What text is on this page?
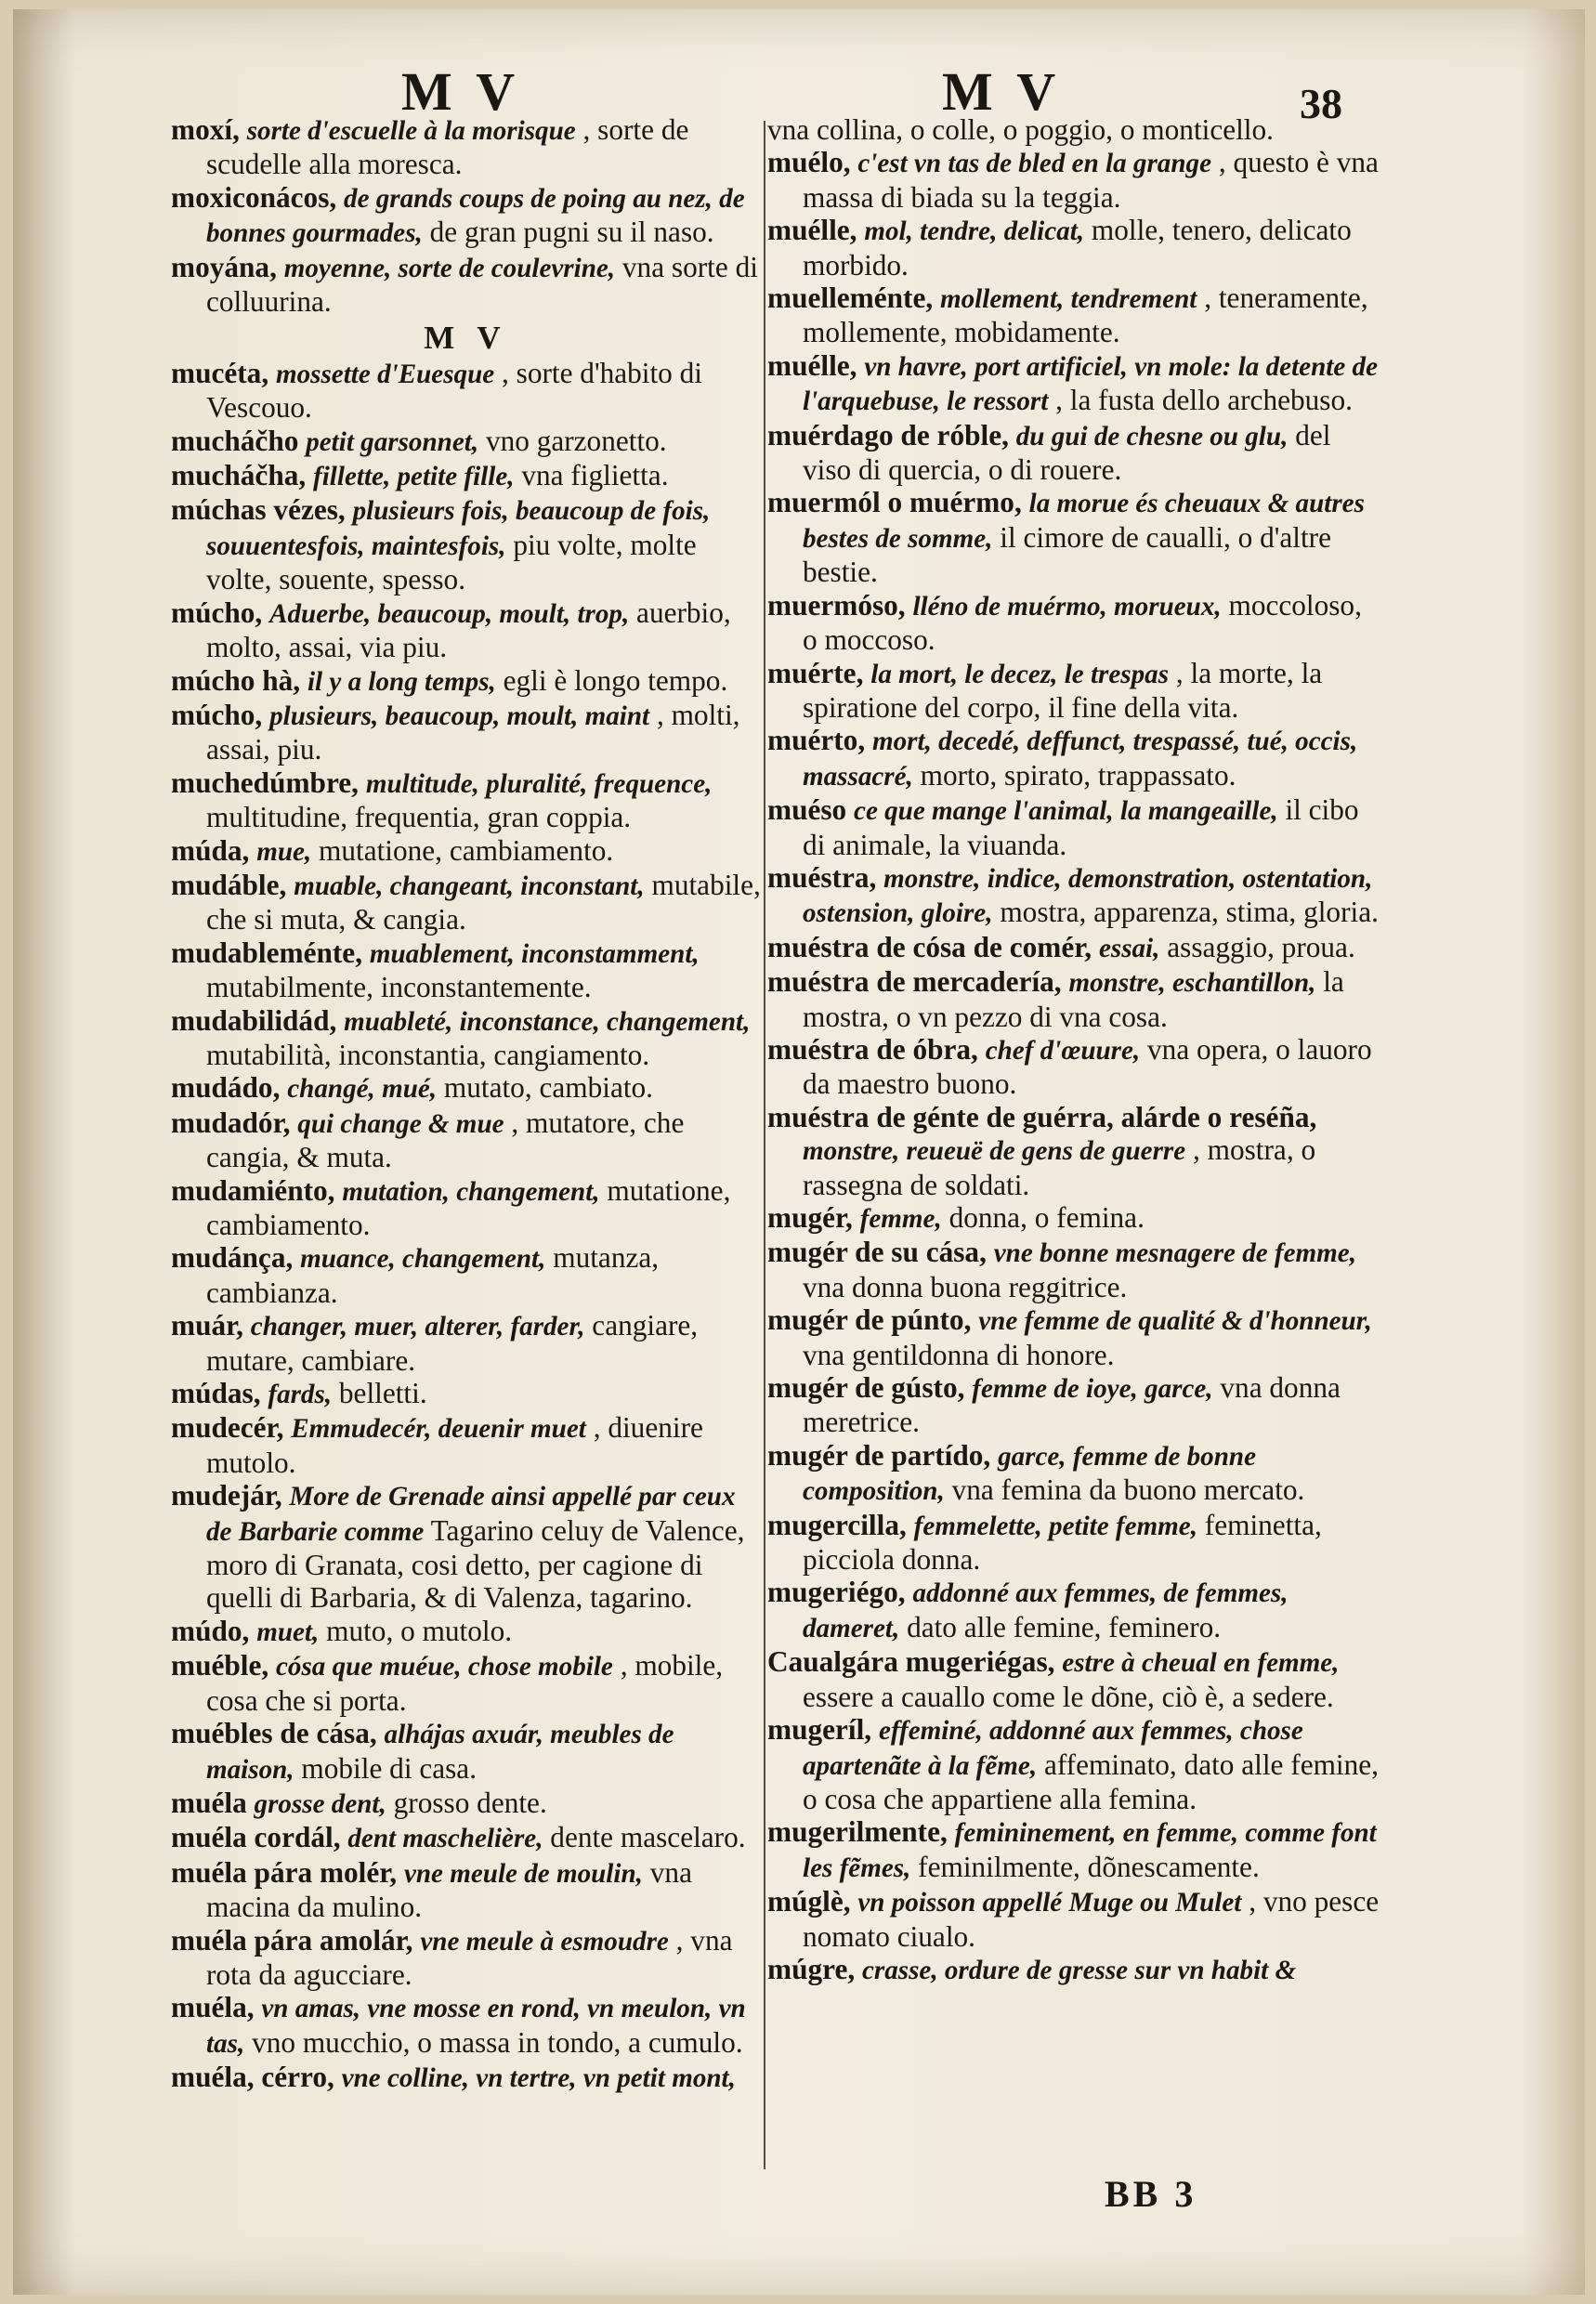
M V	M V	38

moxí, sorte d'escuelle à la morisque , sorte de scudelle alla moresca.

moxiconácos, de grands coups de poing au nez, de bonnes gourmades, de gran pugni su il naso.

moyána, moyenne, sorte de coulevrine, vna sorte di colluurina.

M V

mucéta, mossette d'Euesque , sorte d'habito di Vescouo.

mucháčho petit garsonnet, vno garzonetto.

mucháčha, fillette, petite fille, vna figlietta.

múchas vézes, plusieurs fois, beaucoup de fois, souuentesfois, maintesfois, piu volte, molte volte, souente, spesso.

múcho, Aduerbe, beaucoup, moult, trop, auerbio, molto, assai, via piu.

múcho hà, il y a long temps, egli è longo tempo.

múcho, plusieurs, beaucoup, moult, maint , molti, assai, piu.

muchedúmbre, multitude, pluralité, frequence, multitudine, frequentia, gran coppia.

múda, mue, mutatione, cambiamento.

mudáble, muable, changeant, inconstant, mutabile, che si muta, & cangia.

mudableménte, muablement, inconstamment, mutabilmente, inconstantemente.

mudabilidád, muableté, inconstance, changement, mutabilità, inconstantia, cangiamento.

mudádo, changé, mué, mutato, cambiato.

mudadór, qui change & mue , mutatore, che cangia, & muta.

mudamiénto, mutation, changement, mutatione, cambiamento.

mudánça, muance, changement, mutanza, cambianza.

muár, changer, muer, alterer, farder, cangiare, mutare, cambiare.

múdas, fards, belletti.

mudecér, Emmudecér, deuenir muet , diuenire mutolo.

mudejár, More de Grenade ainsi appellé par ceux de Barbarie comme Tagarino celuy de Valence, moro di Granata, cosi detto, per cagione di quelli di Barbaria, & di Valenza, tagarino.

múdo, muet, muto, o mutolo.

muéble, cósa que muéue, chose mobile , mobile, cosa che si porta.

muébles de cása, alhájas axuár, meubles de maison, mobile di casa.

muéla grosse dent, grosso dente.

muéla cordál, dent maschelière, dente mascelaro.

muéla pára molér, vne meule de moulin, vna macina da mulino.

muéla pára amolár, vne meule à esmoudre , vna rota da agucciare.

muéla, vn amas, vne mosse en rond, vn meulon, vn tas, vno mucchio, o massa in tondo, a cumulo.

muéla, cérro, vne colline, vn tertre, vn petit mont,

vna collina, o colle, o poggio, o monticello.

muélo, c'est vn tas de bled en la grange , questo è vna massa di biada su la teggia.

muélle, mol, tendre, delicat, molle, tenero, delicato morbido.

muelleménte, mollement, tendrement , teneramente, mollemente, mobidamente.

muélle, vn havre, port artificiel, vn mole: la detente de l'arquebuse, le ressort , la fusta dello archebuso.

muérdago de róble, du gui de chesne ou glu, del viso di quercia, o di rouere.

muermól o muérmo, la morue és cheuaux & autres bestes de somme, il cimore de caualli, o d'altre bestie.

muermóso, lléno de muérmo, morueux, moccoloso, o moccoso.

muérte, la mort, le decez, le trespas , la morte, la spiratione del corpo, il fine della vita.

muérto, mort, decedé, deffunct, trespassé, tué, occis, massacré, morto, spirato, trappassato.

muéso ce que mange l'animal, la mangeaille, il cibo di animale, la viuanda.

muéstra, monstre, indice, demonstration, ostentation, ostension, gloire, mostra, apparenza, stima, gloria.

muéstra de cósa de comér, essai, assaggio, proua.

muéstra de mercadería, monstre, eschantillon, la mostra, o vn pezzo di vna cosa.

muéstra de óbra, chef d'œuure, vna opera, o lauoro da maestro buono.

muéstra de génte de guérra, alárde o reséña, monstre, reueuë de gens de guerre , mostra, o rassegna de soldati.

mugér, femme, donna, o femina.

mugér de su cása, vne bonne mesnagere de femme, vna donna buona reggitrice.

mugér de púnto, vne femme de qualité & d'honneur, vna gentildonna di honore.

mugér de gústo, femme de ioye, garce, vna donna meretrice.

mugér de partído, garce, femme de bonne composition, vna femina da buono mercato.

mugercilla, femmelette, petite femme, feminetta, picciola donna.

mugeriégo, addonné aux femmes, de femmes, dameret, dato alle femine, feminero.

Caualgára mugeriégas, estre à cheual en femme, essere a cauallo come le dõne, ciò è, a sedere.

mugeríl, effeminé, addonné aux femmes, chose apartenãte à la fẽme, affeminato, dato alle femine, o cosa che appartiene alla femina.

mugerilmente, femininement, en femme, comme font les fẽmes, feminilmente, dõnescamente.

múglè, vn poisson appellé Muge ou Mulet , vno pesce nomato ciualo.

múgre, crasse, ordure de gresse sur vn habit &

BB 3
